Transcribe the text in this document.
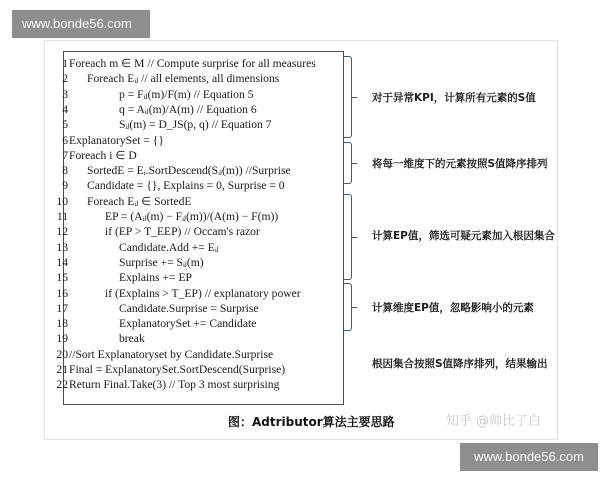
www.bonde56.com
1 Foreach m ∈ M // Compute surprise for all measures
2 Foreach Eᵢⱼ // all elements, all dimensions
3	p = Fᵢⱼ(m)/F(m) // Equation 5
4	q = Aᵢⱼ(m)/A(m) // Equation 6
5	Sᵢⱼ(m) = D_JS(p, q) // Equation 7
6 ExplanatorySet = {}
7 Foreach i ∈ D
8 SortedE = Eᵢ.SortDescend(Sᵢⱼ(m)) //Surprise
9 Candidate = {}, Explains = 0, Surprise = 0
10 Foreach Eᵢⱼ ∈ SortedE
11	EP = (Aᵢⱼ(m) − Fᵢⱼ(m))/(A(m) − F(m))
12	if (EP > T_EEP) // Occam's razor
13	Candidate.Add += Eᵢⱼ
14	Surprise += Sᵢⱼ(m)
15	Explains += EP
16	if (Explains > T_EP) // explanatory power
17	Candidate.Surprise = Surprise
18	ExplanatorySet += Candidate
19	break
20 //Sort Explanatoryset by Candidate.Surprise
21 Final = ExplanatorySet.SortDescend(Surprise)
22 Return Final.Take(3) // Top 3 most surprising
对于异常KPI，计算所有元素的S值
将每一维度下的元素按照S值降序排列
计算EP值，筛选可疑元素加入根因集合
计算维度EP值，忽略影响小的元素
根因集合按照S值降序排列，结果输出
图：Adtributor算法主要思路	知乎 @帅比了白
www.bonde56.com
